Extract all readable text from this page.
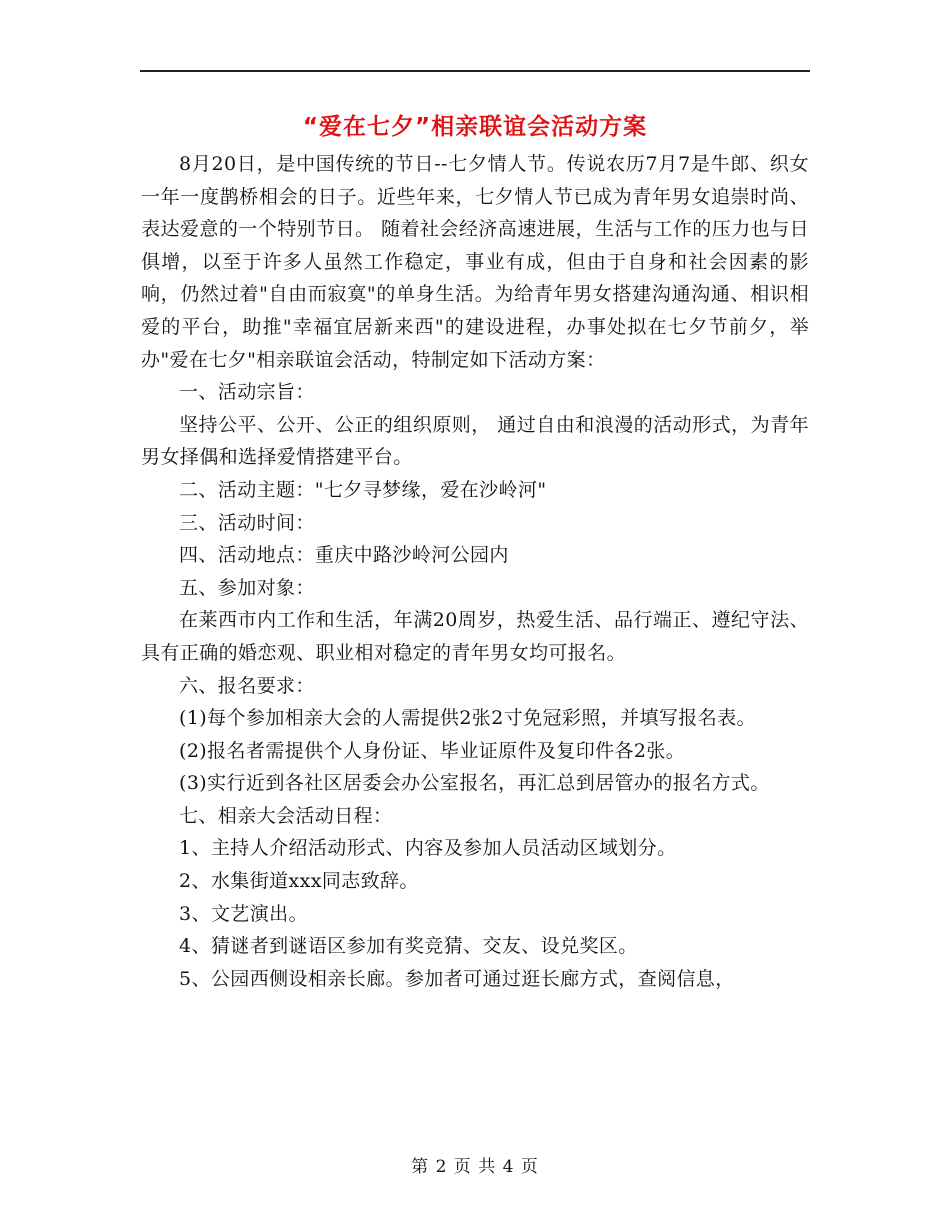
“爱在七夕”相亲联谊会活动方案

8月20日，是中国传统的节日--七夕情人节。传说农历7月7是牛郎、织女一年一度鹊桥相会的日子。近些年来，七夕情人节已成为青年男女追崇时尚、表达爱意的一个特别节日。 随着社会经济高速进展，生活与工作的压力也与日俱增，以至于许多人虽然工作稳定，事业有成，但由于自身和社会因素的影响，仍然过着"自由而寂寞"的单身生活。为给青年男女搭建沟通沟通、相识相爱的平台，助推"幸福宜居新来西"的建设进程，办事处拟在七夕节前夕，举办"爱在七夕"相亲联谊会活动，特制定如下活动方案：

一、活动宗旨：

坚持公平、公开、公正的组织原则， 通过自由和浪漫的活动形式，为青年男女择偶和选择爱情搭建平台。

二、活动主题："七夕寻梦缘，爱在沙岭河"

三、活动时间：

四、活动地点：重庆中路沙岭河公园内

五、参加对象：

在莱西市内工作和生活，年满20周岁，热爱生活、品行端正、遵纪守法、具有正确的婚恋观、职业相对稳定的青年男女均可报名。

六、报名要求：

(1)每个参加相亲大会的人需提供2张2寸免冠彩照，并填写报名表。

(2)报名者需提供个人身份证、毕业证原件及复印件各2张。

(3)实行近到各社区居委会办公室报名，再汇总到居管办的报名方式。

七、相亲大会活动日程：

1、主持人介绍活动形式、内容及参加人员活动区域划分。

2、水集街道xxx同志致辞。

3、文艺演出。

4、猜谜者到谜语区参加有奖竞猜、交友、设兑奖区。

5、公园西侧设相亲长廊。参加者可通过逛长廊方式，查阅信息，

第 2 页 共 4 页
